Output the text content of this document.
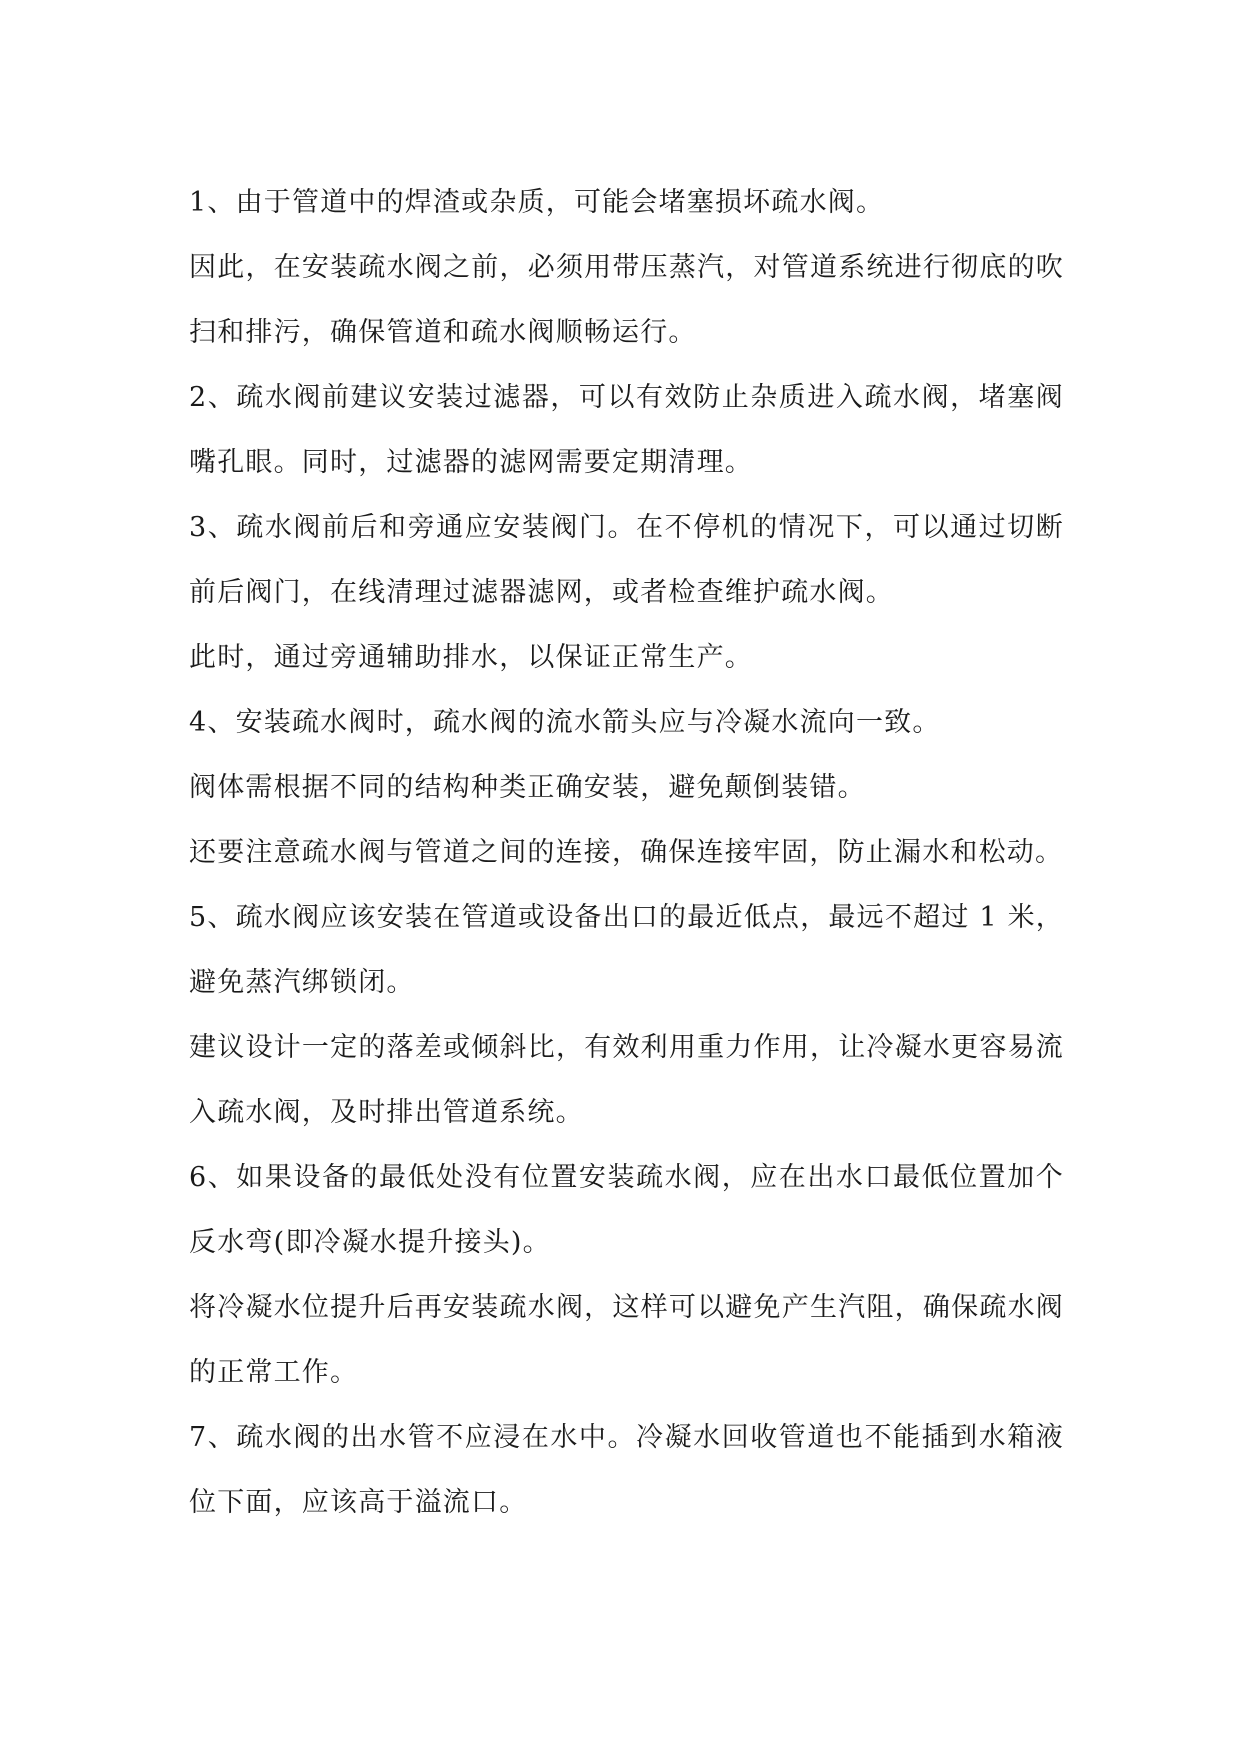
1、由于管道中的焊渣或杂质，可能会堵塞损坏疏水阀。

因此，在安装疏水阀之前，必须用带压蒸汽，对管道系统进行彻底的吹扫和排污，确保管道和疏水阀顺畅运行。

2、疏水阀前建议安装过滤器，可以有效防止杂质进入疏水阀，堵塞阀嘴孔眼。同时，过滤器的滤网需要定期清理。

3、疏水阀前后和旁通应安装阀门。在不停机的情况下，可以通过切断前后阀门，在线清理过滤器滤网，或者检查维护疏水阀。

此时，通过旁通辅助排水，以保证正常生产。

4、安装疏水阀时，疏水阀的流水箭头应与冷凝水流向一致。

阀体需根据不同的结构种类正确安装，避免颠倒装错。

还要注意疏水阀与管道之间的连接，确保连接牢固，防止漏水和松动。

5、疏水阀应该安装在管道或设备出口的最近低点，最远不超过 1 米，避免蒸汽绑锁闭。

建议设计一定的落差或倾斜比，有效利用重力作用，让冷凝水更容易流入疏水阀，及时排出管道系统。

6、如果设备的最低处没有位置安装疏水阀，应在出水口最低位置加个反水弯(即冷凝水提升接头)。

将冷凝水位提升后再安装疏水阀，这样可以避免产生汽阻，确保疏水阀的正常工作。

7、疏水阀的出水管不应浸在水中。冷凝水回收管道也不能插到水箱液位下面，应该高于溢流口。
